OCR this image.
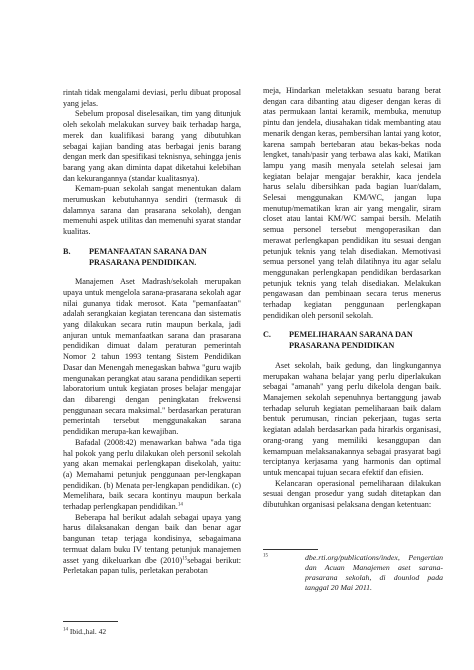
rintah tidak mengalami deviasi, perlu dibuat proposal yang jelas.

Sebelum proposal diselesaikan, tim yang ditunjuk oleh sekolah melakukan survey baik terhadap harga, merek dan kualifikasi barang yang dibutuhkan sebagai kajian banding atas berbagai jenis barang dengan merk dan spesifikasi teknisnya, sehingga jenis barang yang akan diminta dapat diketahui kelebihan dan kekurangannya (standar kualitasnya).

Kemam-puan sekolah sangat menentukan dalam merumuskan kebutuhannya sendiri (termasuk di dalamnya sarana dan prasarana sekolah), dengan memenuhi aspek utilitas dan memenuhi syarat standar kualitas.

B.	PEMANFAATAN SARANA DAN
PRASARANA PENDIDIKAN.

Manajemen Aset Madrash/sekolah merupakan upaya untuk mengelola sarana-prasarana sekolah agar nilai gunanya tidak merosot. Kata "pemanfaatan" adalah serangkaian kegiatan terencana dan sistematis yang dilakukan secara rutin maupun berkala, jadi anjuran untuk memanfaatkan sarana dan prasarana pendidikan dimuat dalam peraturan pemerintah Nomor 2 tahun 1993 tentang Sistem Pendidikan Dasar dan Menengah menegaskan bahwa "guru wajib mengunakan perangkat atau sarana pendidikan seperti laboratorium untuk kegiatan proses belajar mengajar dan dibarengi dengan peningkatan frekwensi penggunaan secara maksimal." berdasarkan peraturan pemerintah tersebut menggunakakan sarana pendidikan merupa-kan kewajiban.

Bafadal (2008:42) menawarkan bahwa "ada tiga hal pokok yang perlu dilakukan oleh personil sekolah yang akan memakai perlengkapan disekolah, yaitu: (a) Memahami petunjuk penggunaan per-lengkapan pendidikan. (b) Menata per-lengkapan pendidikan. (c) Memelihara, baik secara kontinyu maupun berkala terhadap perlengkapan pendidikan.$^{14}$

Beberapa hal berikut adalah sebagai upaya yang harus dilaksanakan dengan baik dan benar agar bangunan tetap terjaga kondisinya, sebagaimana termuat dalam buku IV tentang petunjuk manajemen asset yang dikeluarkan dbe $(2010)^{15}sebagai$ berikut: Perletakan papan tulis, perletakan perabotan

meja, Hindarkan meletakkan sesuatu barang berat dengan cara dibanting atau digeser dengan keras di atas permukaan lantai keramik, membuka, menutup pintu dan jendela, diusahakan tidak membanting atau menarik dengan keras, pembersihan lantai yang kotor, karena sampah bertebaran atau bekas-bekas noda lengket, tanah/pasir yang terbawa alas kaki, Matikan lampu yang masih menyala setelah selesai jam kegiatan belajar mengajar berakhir, kaca jendela harus selalu dibersihkan pada bagian luar/dalam, Selesai menggunakan KM/WC, jangan lupa menutup/mematikan kran air yang mengalir, siram closet atau lantai KM/WC sampai bersih. Melatih semua personel tersebut mengoperasikan dan merawat perlengkapan pendidikan itu sesuai dengan petunjuk teknis yang telah disediakan. Memotivasi semua personel yang telah dilatihnya itu agar selalu menggunakan perlengkapan pendidikan berdasarkan petunjuk teknis yang telah disediakan. Melakukan pengawasan dan pembinaan secara terus menerus terhadap kegiatan penggunaan perlengkapan pendidikan oleh personil sekolah.

C.	PEMELIHARAAN SARANA DAN
PRASARANA PENDIDIKAN

Aset sekolah, baik gedung, dan lingkungannya merupakan wahana belajar yang perlu diperlakukan sebagai "amanah" yang perlu dikelola dengan baik. Manajemen sekolah sepenuhnya bertanggung jawab terhadap seluruh kegiatan pemeliharaan baik dalam bentuk perumusan, rincian pekerjaan, tugas serta kegiatan adalah berdasarkan pada hirarkis organisasi, orang-orang yang memiliki kesanggupan dan kemampuan melaksanakannya sebagai prasyarat bagi terciptanya kerjasama yang harmonis dan optimal untuk mencapai tujuan secara efektif dan efisien.

Kelancaran operasional pemeliharaan dilakukan sesuai dengan prosedur yang sudah ditetapkan dan dibutuhkan organisasi pelaksana dengan ketentuan:

$^{15}$	dbe.rti.org/publications/index, Pengertian dan Acuan Manajemen aset sarana-prasarana sekolah, di dounlod pada tanggal 20 Mai 2011.
$^{14}$ Ibid.,hal. 42
